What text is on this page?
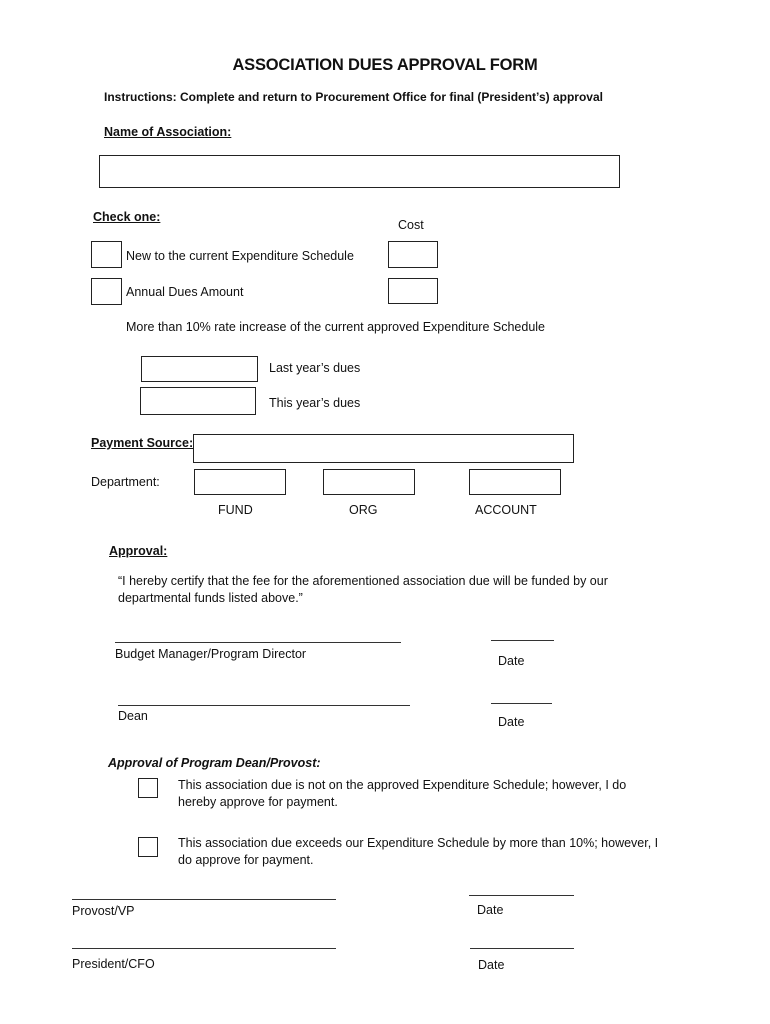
ASSOCIATION DUES APPROVAL FORM
Instructions: Complete and return to Procurement Office for final (President’s) approval
Name of Association:
Check one:
Cost
New to the current Expenditure Schedule
Annual Dues Amount
More than 10% rate increase of the current approved Expenditure Schedule
Last year’s dues
This year’s dues
Payment Source:
Department:
FUND	ORG	ACCOUNT
Approval:
“I hereby certify that the fee for the aforementioned association due will be funded by our departmental funds listed above.”
Budget Manager/Program Director	Date
Dean	Date
Approval of Program Dean/Provost:
This association due is not on the approved Expenditure Schedule; however, I do hereby approve for payment.
This association due exceeds our Expenditure Schedule by more than 10%; however, I do approve for payment.
Provost/VP	Date
President/CFO	Date
